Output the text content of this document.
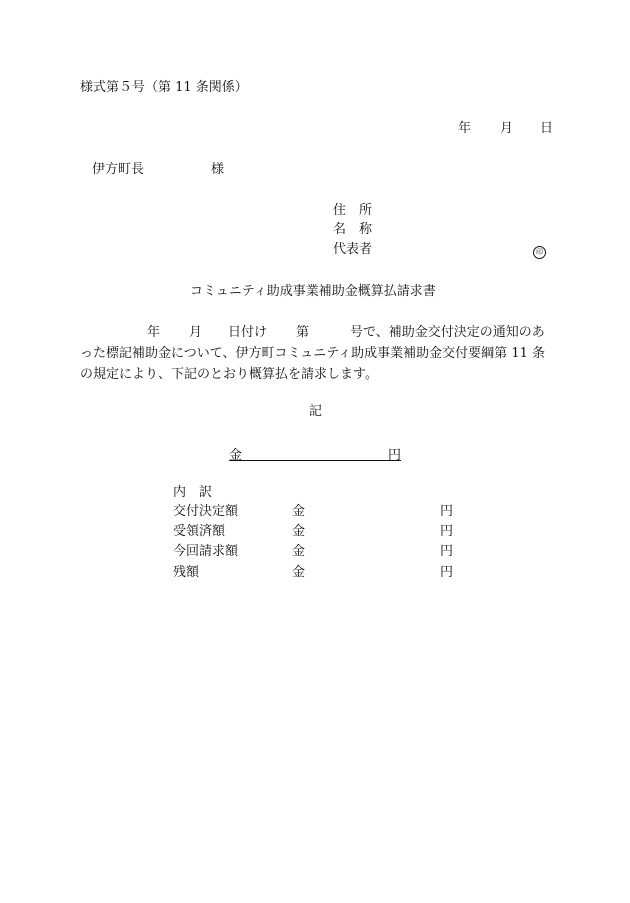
様式第５号（第 11 条関係）
年 月 日
伊方町長	様
住　所
名　称
代表者	印
コミュニティ助成事業補助金概算払請求書
年 月 日付け 第	号で、補助金交付決定の通知のあ
った標記補助金について、伊方町コミュニティ助成事業補助金交付要綱第 11 条
の規定により、下記のとおり概算払を請求します。
記
金	円
内　訳
交付決定額	金	円
受領済額	金	円
今回請求額	金	円
残額	金	円
